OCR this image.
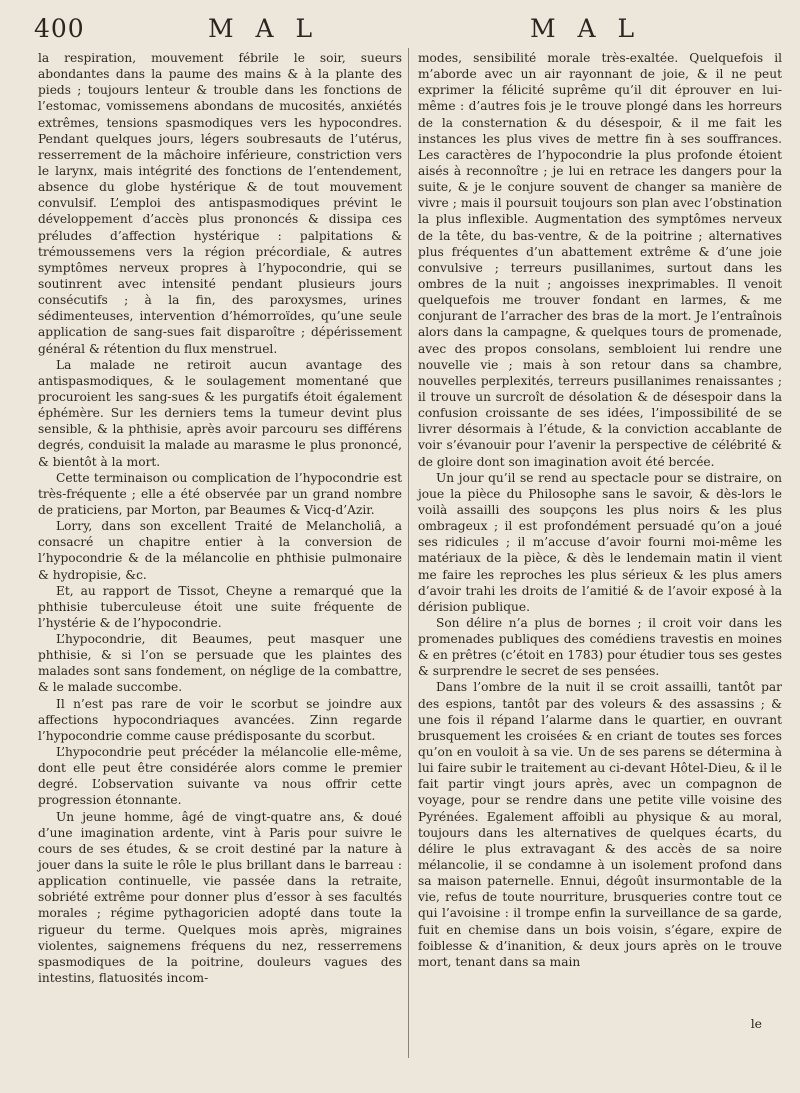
400	M A L	M A L

la respiration, mouvement fébrile le soir, sueurs abondantes dans la paume des mains & à la plante des pieds ; toujours lenteur & trouble dans les fonctions de l’estomac, vomissemens abondans de mucosités, anxiétés extrêmes, tensions spasmodiques vers les hypocondres. Pendant quelques jours, légers soubresauts de l’utérus, resserrement de la mâchoire inférieure, constriction vers le larynx, mais intégrité des fonctions de l’entendement, absence du globe hystérique & de tout mouvement convulsif. L’emploi des antispasmodiques prévint le développement d’accès plus prononcés & dissipa ces préludes d’affection hystérique : palpitations & trémoussemens vers la région précordiale, & autres symptômes nerveux propres à l’hypocondrie, qui se soutinrent avec intensité pendant plusieurs jours consécutifs ; à la fin, des paroxysmes, urines sédimenteuses, intervention d’hémorroïdes, qu’une seule application de sang-sues fait disparoître ; dépérissement général & rétention du flux menstruel.

La malade ne retiroit aucun avantage des antispasmodiques, & le soulagement momentané que procuroient les sang-sues & les purgatifs étoit également éphémère. Sur les derniers tems la tumeur devint plus sensible, & la phthisie, après avoir parcouru ses différens degrés, conduisit la malade au marasme le plus prononcé, & bientôt à la mort.

Cette terminaison ou complication de l’hypocondrie est très-fréquente ; elle a été observée par un grand nombre de praticiens, par Morton, par Beaumes & Vicq-d’Azir.

Lorry, dans son excellent Traité de Melancholiâ, a consacré un chapitre entier à la conversion de l’hypocondrie & de la mélancolie en phthisie pulmonaire & hydropisie, &c.

Et, au rapport de Tissot, Cheyne a remarqué que la phthisie tuberculeuse étoit une suite fréquente de l’hystérie & de l’hypocondrie.

L’hypocondrie, dit Beaumes, peut masquer une phthisie, & si l’on se persuade que les plaintes des malades sont sans fondement, on néglige de la combattre, & le malade succombe.

Il n’est pas rare de voir le scorbut se joindre aux affections hypocondriaques avancées. Zinn regarde l’hypocondrie comme cause prédisposante du scorbut.

L’hypocondrie peut précéder la mélancolie elle-même, dont elle peut être considérée alors comme le premier degré. L’observation suivante va nous offrir cette progression étonnante.

Un jeune homme, âgé de vingt-quatre ans, & doué d’une imagination ardente, vint à Paris pour suivre le cours de ses études, & se croit destiné par la nature à jouer dans la suite le rôle le plus brillant dans le barreau : application continuelle, vie passée dans la retraite, sobriété extrême pour donner plus d’essor à ses facultés morales ; régime pythagoricien adopté dans toute la rigueur du terme. Quelques mois après, migraines violentes, saignemens fréquens du nez, resserremens spasmodiques de la poitrine, douleurs vagues des intestins, flatuosités incom-

modes, sensibilité morale très-exaltée. Quelquefois il m’aborde avec un air rayonnant de joie, & il ne peut exprimer la félicité suprême qu’il dit éprouver en lui-même : d’autres fois je le trouve plongé dans les horreurs de la consternation & du désespoir, & il me fait les instances les plus vives de mettre fin à ses souffrances. Les caractères de l’hypocondrie la plus profonde étoient aisés à reconnoître ; je lui en retrace les dangers pour la suite, & je le conjure souvent de changer sa manière de vivre ; mais il poursuit toujours son plan avec l’obstination la plus inflexible. Augmentation des symptômes nerveux de la tête, du bas-ventre, & de la poitrine ; alternatives plus fréquentes d’un abattement extrême & d’une joie convulsive ; terreurs pusillanimes, surtout dans les ombres de la nuit ; angoisses inexprimables. Il venoit quelquefois me trouver fondant en larmes, & me conjurant de l’arracher des bras de la mort. Je l’entraînois alors dans la campagne, & quelques tours de promenade, avec des propos consolans, sembloient lui rendre une nouvelle vie ; mais à son retour dans sa chambre, nouvelles perplexités, terreurs pusillanimes renaissantes ; il trouve un surcroît de désolation & de désespoir dans la confusion croissante de ses idées, l’impossibilité de se livrer désormais à l’étude, & la conviction accablante de voir s’évanouir pour l’avenir la perspective de célébrité & de gloire dont son imagination avoit été bercée.

Un jour qu’il se rend au spectacle pour se distraire, on joue la pièce du Philosophe sans le savoir, & dès-lors le voilà assailli des soupçons les plus noirs & les plus ombrageux ; il est profondément persuadé qu’on a joué ses ridicules ; il m’accuse d’avoir fourni moi-même les matériaux de la pièce, & dès le lendemain matin il vient me faire les reproches les plus sérieux & les plus amers d’avoir trahi les droits de l’amitié & de l’avoir exposé à la dérision publique.

Son délire n’a plus de bornes ; il croit voir dans les promenades publiques des comédiens travestis en moines & en prêtres (c’étoit en 1783) pour étudier tous ses gestes & surprendre le secret de ses pensées.

Dans l’ombre de la nuit il se croit assailli, tantôt par des espions, tantôt par des voleurs & des assassins ; & une fois il répand l’alarme dans le quartier, en ouvrant brusquement les croisées & en criant de toutes ses forces qu’on en vouloit à sa vie. Un de ses parens se détermina à lui faire subir le traitement au ci-devant Hôtel-Dieu, & il le fait partir vingt jours après, avec un compagnon de voyage, pour se rendre dans une petite ville voisine des Pyrénées. Egalement affoibli au physique & au moral, toujours dans les alternatives de quelques écarts, du délire le plus extravagant & des accès de sa noire mélancolie, il se condamne à un isolement profond dans sa maison paternelle. Ennui, dégoût insurmontable de la vie, refus de toute nourriture, brusqueries contre tout ce qui l’avoisine : il trompe enfin la surveillance de sa garde, fuit en chemise dans un bois voisin, s’égare, expire de foiblesse & d’inanition, & deux jours après on le trouve mort, tenant dans sa main

le
